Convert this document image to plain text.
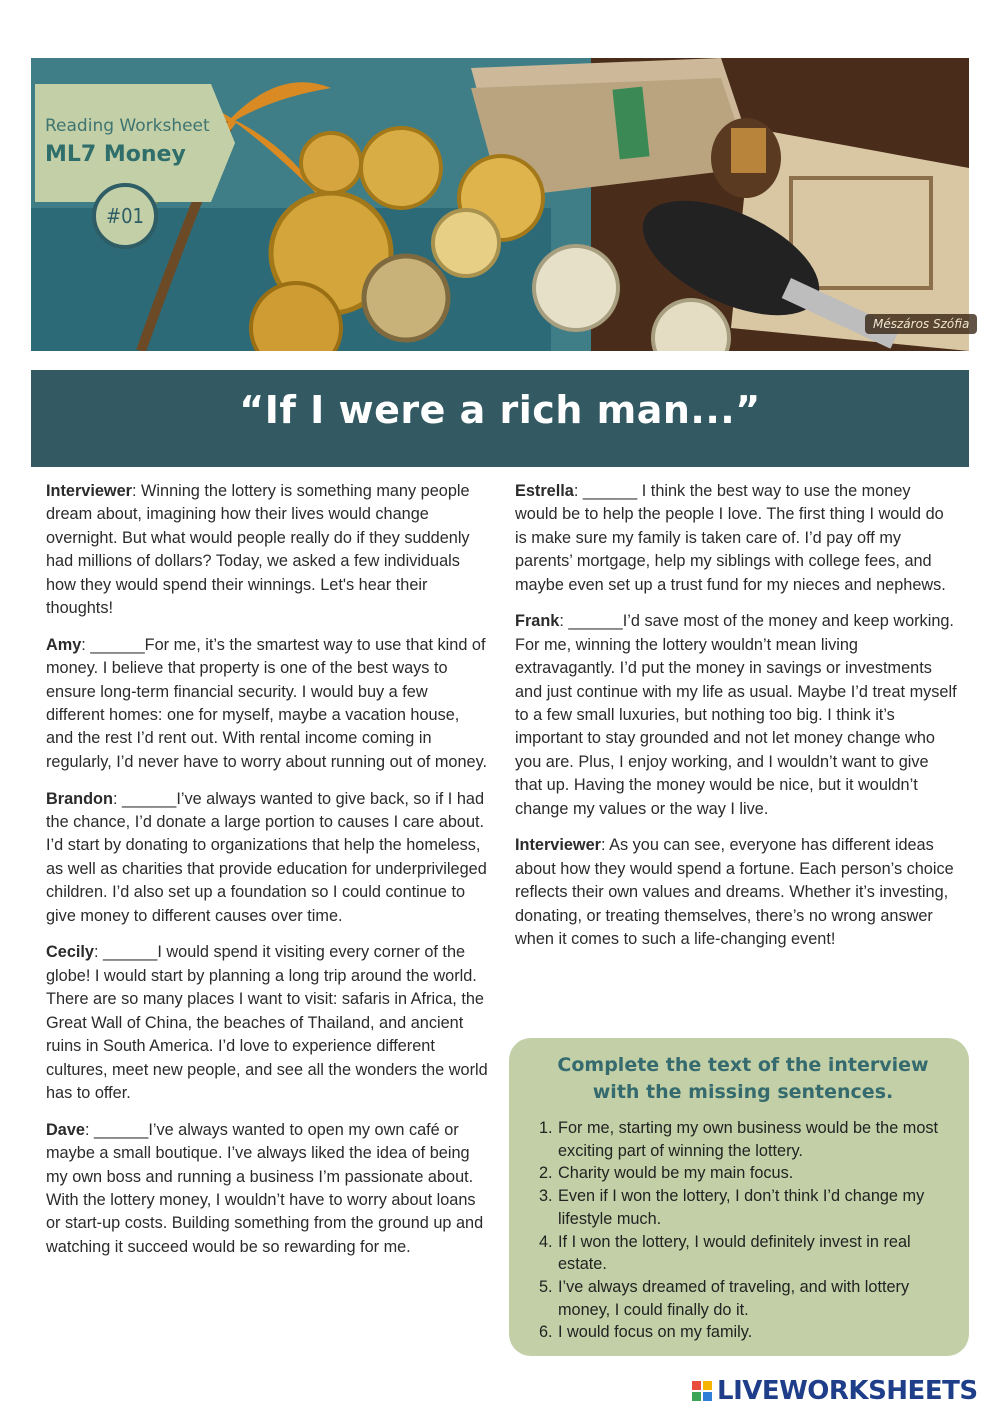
Reading Worksheet
ML7 Money
#01
Mészáros Szófia
“If I were a rich man...”

Interviewer: Winning the lottery is something many people dream about, imagining how their lives would change overnight. But what would people really do if they suddenly had millions of dollars? Today, we asked a few individuals how they would spend their winnings. Let's hear their thoughts!

Amy: ______For me, it’s the smartest way to use that kind of money. I believe that property is one of the best ways to ensure long-term financial security. I would buy a few different homes: one for myself, maybe a vacation house, and the rest I’d rent out. With rental income coming in regularly, I’d never have to worry about running out of money.

Brandon: ______I’ve always wanted to give back, so if I had the chance, I’d donate a large portion to causes I care about. I’d start by donating to organizations that help the homeless, as well as charities that provide education for underprivileged children. I’d also set up a foundation so I could continue to give money to different causes over time.

Cecily: ______I would spend it visiting every corner of the globe! I would start by planning a long trip around the world. There are so many places I want to visit: safaris in Africa, the Great Wall of China, the beaches of Thailand, and ancient ruins in South America. I’d love to experience different cultures, meet new people, and see all the wonders the world has to offer.

Dave: ______I’ve always wanted to open my own café or maybe a small boutique. I’ve always liked the idea of being my own boss and running a business I’m passionate about. With the lottery money, I wouldn’t have to worry about loans or start-up costs. Building something from the ground up and watching it succeed would be so rewarding for me.

Estrella: ______ I think the best way to use the money would be to help the people I love. The first thing I would do is make sure my family is taken care of. I’d pay off my parents’ mortgage, help my siblings with college fees, and maybe even set up a trust fund for my nieces and nephews.

Frank: ______I’d save most of the money and keep working. For me, winning the lottery wouldn’t mean living extravagantly. I’d put the money in savings or investments and just continue with my life as usual. Maybe I’d treat myself to a few small luxuries, but nothing too big. I think it’s important to stay grounded and not let money change who you are. Plus, I enjoy working, and I wouldn’t want to give that up. Having the money would be nice, but it wouldn’t change my values or the way I live.

Interviewer: As you can see, everyone has different ideas about how they would spend a fortune. Each person’s choice reflects their own values and dreams. Whether it’s investing, donating, or treating themselves, there’s no wrong answer when it comes to such a life-changing event!

Complete the text of the interview with the missing sentences.
1. For me, starting my own business would be the most exciting part of winning the lottery.
2. Charity would be my main focus.
3. Even if I won the lottery, I don’t think I’d change my lifestyle much.
4. If I won the lottery, I would definitely invest in real estate.
5. I’ve always dreamed of traveling, and with lottery money, I could finally do it.
6. I would focus on my family.
LIVEWORKSHEETS
